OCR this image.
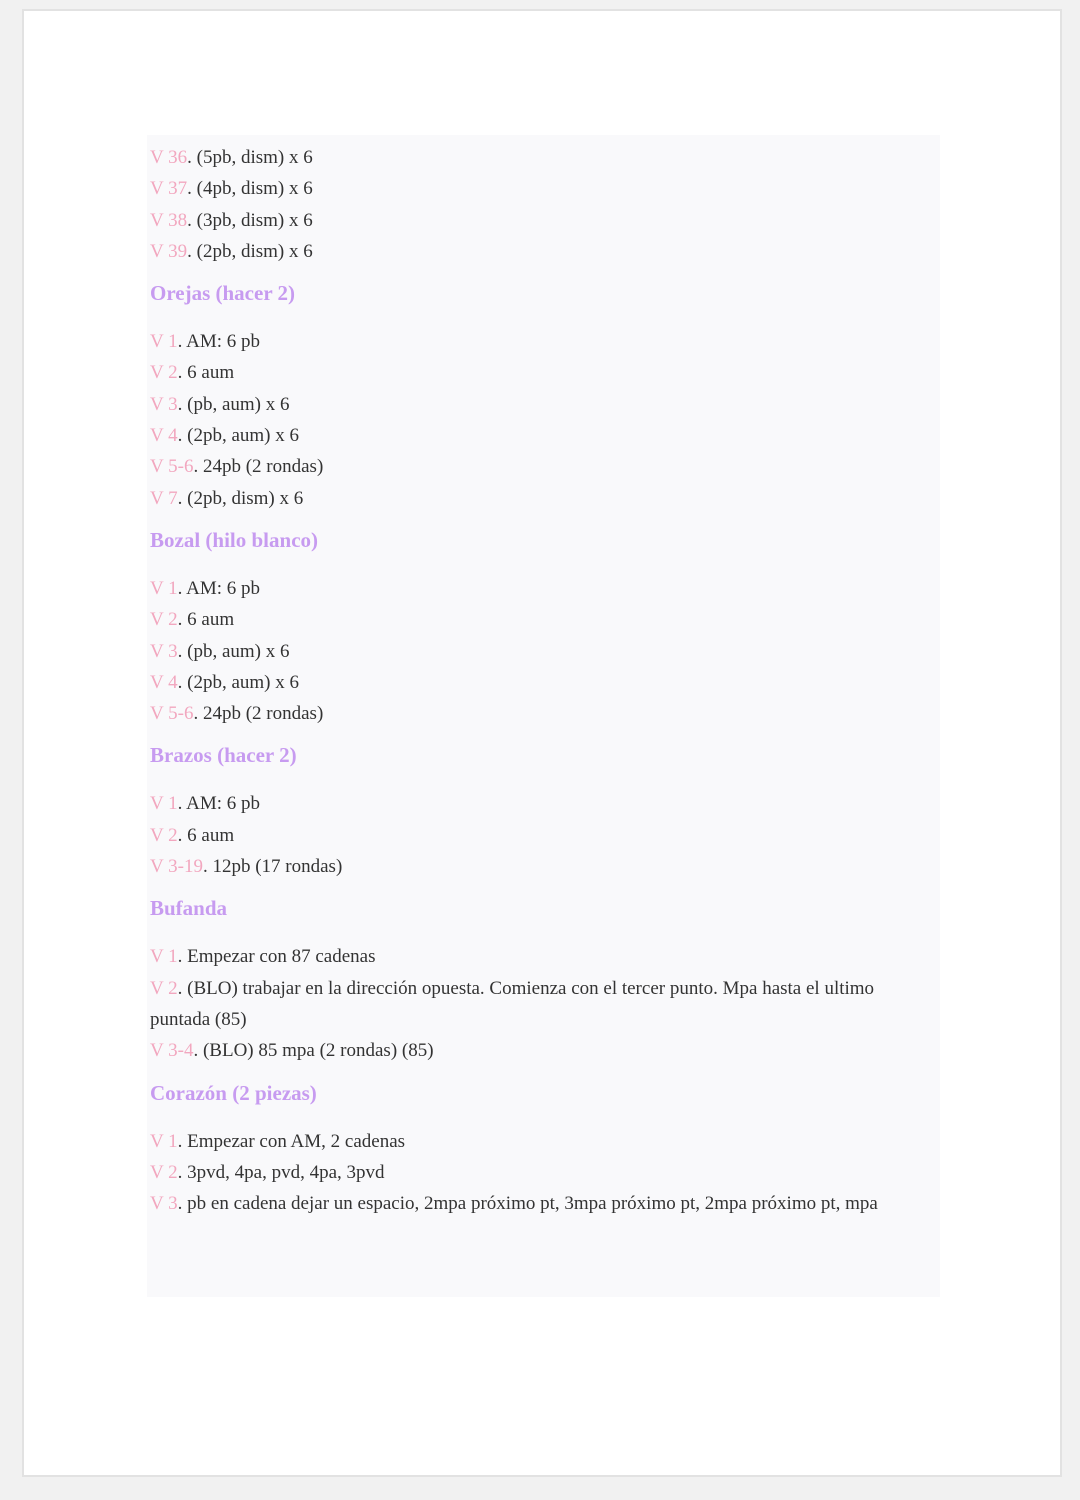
V 36. (5pb, dism) x 6
V 37. (4pb, dism) x 6
V 38. (3pb, dism) x 6
V 39. (2pb, dism) x 6
Orejas (hacer 2)
V 1. AM: 6 pb
V 2. 6 aum
V 3. (pb, aum) x 6
V 4. (2pb, aum) x 6
V 5-6. 24pb (2 rondas)
V 7. (2pb, dism) x 6
Bozal (hilo blanco)
V 1. AM: 6 pb
V 2. 6 aum
V 3. (pb, aum) x 6
V 4. (2pb, aum) x 6
V 5-6. 24pb (2 rondas)
Brazos (hacer 2)
V 1. AM: 6 pb
V 2. 6 aum
V 3-19. 12pb (17 rondas)
Bufanda
V 1. Empezar con 87 cadenas
V 2. (BLO) trabajar en la dirección opuesta. Comienza con el tercer punto. Mpa hasta el ultimo puntada (85)
V 3-4. (BLO) 85 mpa (2 rondas) (85)
Corazón (2 piezas)
V 1. Empezar con AM, 2 cadenas
V 2. 3pvd, 4pa, pvd, 4pa, 3pvd
V 3. pb en cadena dejar un espacio, 2mpa próximo pt, 3mpa próximo pt, 2mpa próximo pt, mpa
